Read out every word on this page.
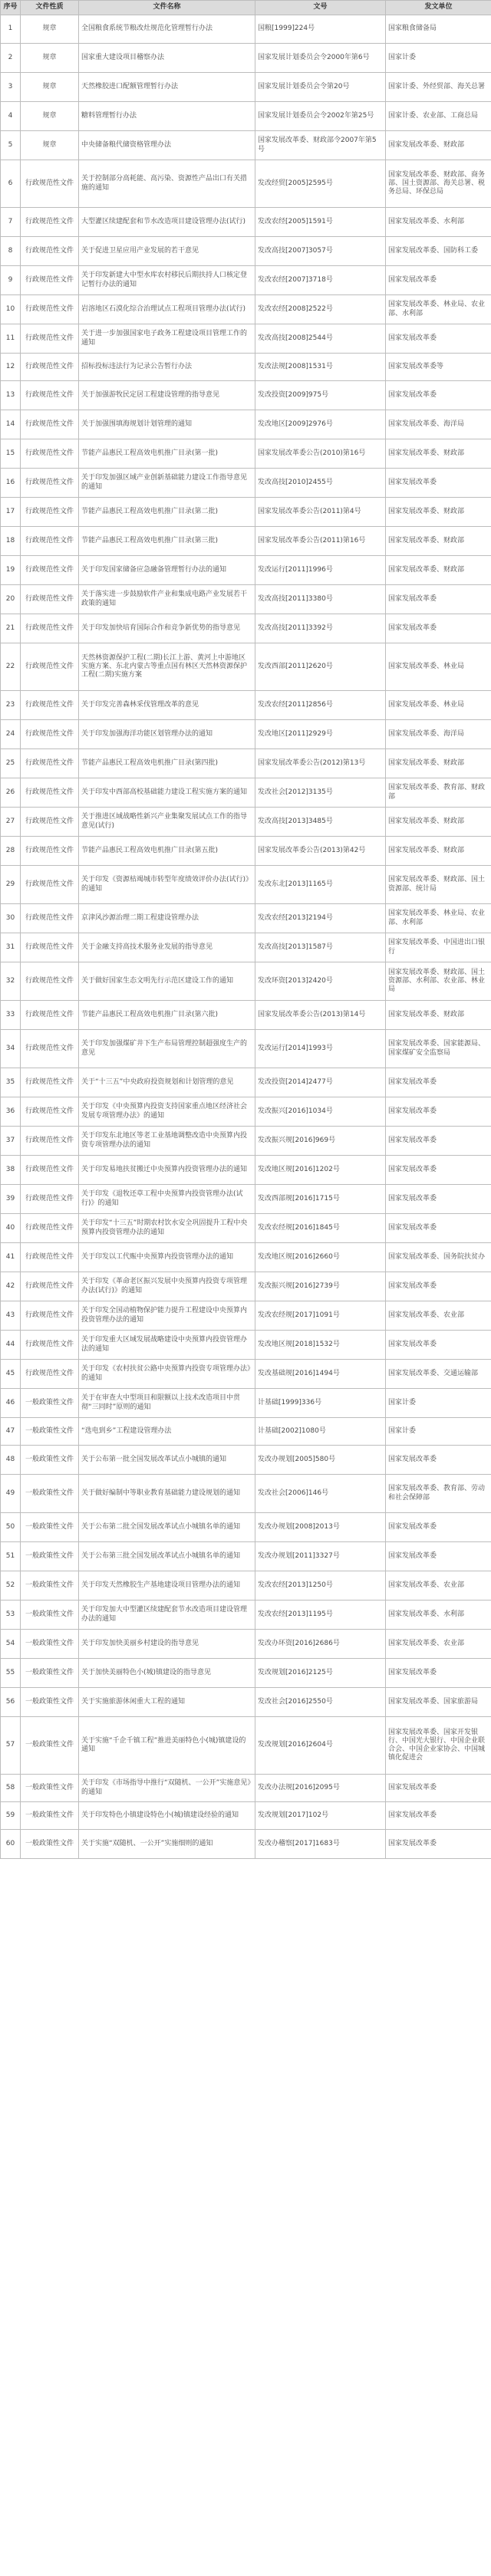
序号	文件性质	文件名称	文号	发文单位
1	规章	全国粮食系统节粮改灶规范化管理暂行办法	国粮[1999]224号	国家粮食储备局
2	规章	国家重大建设项目稽察办法	国家发展计划委员会令2000年第6号	国家计委
3	规章	天然橡胶进口配额管理暂行办法	国家发展计划委员会令第20号	国家计委、外经贸部、海关总署
4	规章	糖料管理暂行办法	国家发展计划委员会令2002年第25号	国家计委、农业部、工商总局
5	规章	中央储备粮代储资格管理办法	国家发展改革委、财政部令2007年第5号	国家发展改革委、财政部
6	行政规范性文件	关于控制部分高耗能、高污染、资源性产品出口有关措施的通知	发改经贸[2005]2595号	国家发展改革委、财政部、商务部、国土资源部、海关总署、税务总局、环保总局
7	行政规范性文件	大型灌区续建配套和节水改造项目建设管理办法(试行)	发改农经[2005]1591号	国家发展改革委、水利部
8	行政规范性文件	关于促进卫星应用产业发展的若干意见	发改高技[2007]3057号	国家发展改革委、国防科工委
9	行政规范性文件	关于印发新建大中型水库农村移民后期扶持人口核定登记暂行办法的通知	发改农经[2007]3718号	国家发展改革委
10	行政规范性文件	岩溶地区石漠化综合治理试点工程项目管理办法(试行)	发改农经[2008]2522号	国家发展改革委、林业局、农业部、水利部
11	行政规范性文件	关于进一步加强国家电子政务工程建设项目管理工作的通知	发改高技[2008]2544号	国家发展改革委
12	行政规范性文件	招标投标违法行为记录公告暂行办法	发改法规[2008]1531号	国家发展改革委等
13	行政规范性文件	关于加强游牧民定居工程建设管理的指导意见	发改投资[2009]975号	国家发展改革委
14	行政规范性文件	关于加强围填海规划计划管理的通知	发改地区[2009]2976号	国家发展改革委、海洋局
15	行政规范性文件	节能产品惠民工程高效电机推广目录(第一批)	国家发展改革委公告(2010)第16号	国家发展改革委、财政部
16	行政规范性文件	关于印发加强区域产业创新基础能力建设工作指导意见的通知	发改高技[2010]2455号	国家发展改革委
17	行政规范性文件	节能产品惠民工程高效电机推广目录(第二批)	国家发展改革委公告(2011)第4号	国家发展改革委、财政部
18	行政规范性文件	节能产品惠民工程高效电机推广目录(第三批)	国家发展改革委公告(2011)第16号	国家发展改革委、财政部
19	行政规范性文件	关于印发国家储备应急融备管理暂行办法的通知	发改运行[2011]1996号	国家发展改革委、财政部
20	行政规范性文件	关于落实进一步鼓励软件产业和集成电路产业发展若干政策的通知	发改高技[2011]3380号	国家发展改革委
21	行政规范性文件	关于印发加快培育国际合作和竞争新优势的指导意见	发改高技[2011]3392号	国家发展改革委
22	行政规范性文件	天然林资源保护工程(二期)长江上游、黄河上中游地区实施方案、东北内蒙古等重点国有林区天然林资源保护工程(二期)实施方案	发改西部[2011]2620号	国家发展改革委、林业局
23	行政规范性文件	关于印发完善森林采伐管理改革的意见	发改农经[2011]2856号	国家发展改革委、林业局
24	行政规范性文件	关于印发加强海洋功能区划管理办法的通知	发改地区[2011]2929号	国家发展改革委、海洋局
25	行政规范性文件	节能产品惠民工程高效电机推广目录(第四批)	国家发展改革委公告(2012)第13号	国家发展改革委、财政部
26	行政规范性文件	关于印发中西部高校基础能力建设工程实施方案的通知	发改社会[2012]3135号	国家发展改革委、教育部、财政部
27	行政规范性文件	关于推进区域战略性新兴产业集聚发展试点工作的指导意见(试行)	发改高技[2013]3485号	国家发展改革委、财政部
28	行政规范性文件	节能产品惠民工程高效电机推广目录(第五批)	国家发展改革委公告(2013)第42号	国家发展改革委、财政部
29	行政规范性文件	关于印发《资源枯竭城市转型年度绩效评价办法(试行)》的通知	发改东北[2013]1165号	国家发展改革委、财政部、国土资源部、统计局
30	行政规范性文件	京津风沙源治理二期工程建设管理办法	发改农经[2013]2194号	国家发展改革委、林业局、农业部、水利部
31	行政规范性文件	关于金融支持高技术服务业发展的指导意见	发改高技[2013]1587号	国家发展改革委、中国进出口银行
32	行政规范性文件	关于做好国家生态文明先行示范区建设工作的通知	发改环资[2013]2420号	国家发展改革委、财政部、国土资源部、水利部、农业部、林业局
33	行政规范性文件	节能产品惠民工程高效电机推广目录(第六批)	国家发展改革委公告(2013)第14号	国家发展改革委、财政部
34	行政规范性文件	关于印发加强煤矿井下生产布局管理控制超强度生产的意见	发改运行[2014]1993号	国家发展改革委、国家能源局、国家煤矿安全监察局
35	行政规范性文件	关于“十三五”中央政府投资规划和计划管理的意见	发改投资[2014]2477号	国家发展改革委
36	行政规范性文件	关于印发《中央预算内投资支持国家重点地区经济社会发展专项管理办法》的通知	发改振兴[2016]1034号	国家发展改革委
37	行政规范性文件	关于印发东北地区等老工业基地调整改造中央预算内投资专项管理办法的通知	发改振兴规[2016]969号	国家发展改革委
38	行政规范性文件	关于印发易地扶贫搬迁中央预算内投资管理办法的通知	发改地区规[2016]1202号	国家发展改革委
39	行政规范性文件	关于印发《退牧还草工程中央预算内投资管理办法(试行)》的通知	发改西部规[2016]1715号	国家发展改革委
40	行政规范性文件	关于印发“十三五”时期农村饮水安全巩固提升工程中央预算内投资管理办法的通知	发改农经规[2016]1845号	国家发展改革委
41	行政规范性文件	关于印发以工代赈中央预算内投资管理办法的通知	发改地区规[2016]2660号	国家发展改革委、国务院扶贫办
42	行政规范性文件	关于印发《革命老区振兴发展中央预算内投资专项管理办法(试行)》的通知	发改振兴规[2016]2739号	国家发展改革委
43	行政规范性文件	关于印发全国动植物保护能力提升工程建设中央预算内投资管理办法的通知	发改农经规[2017]1091号	国家发展改革委、农业部
44	行政规范性文件	关于印发重大区域发展战略建设中央预算内投资管理办法的通知	发改地区规[2018]1532号	国家发展改革委
45	行政规范性文件	关于印发《农村扶贫公路中央预算内投资专项管理办法》的通知	发改基础规[2016]1494号	国家发展改革委、交通运输部
46	一般政策性文件	关于在审查大中型项目和限额以上技术改造项目中贯彻“三同时”原则的通知	计基础[1999]336号	国家计委
47	一般政策性文件	“选电到乡”工程建设管理办法	计基础[2002]1080号	国家计委
48	一般政策性文件	关于公布第一批全国发展改革试点小城镇的通知	发改办规划[2005]580号	国家发展改革委
49	一般政策性文件	关于做好编制中等职业教育基础能力建设规划的通知	发改社会[2006]146号	国家发展改革委、教育部、劳动和社会保障部
50	一般政策性文件	关于公布第二批全国发展改革试点小城镇名单的通知	发改办规划[2008]2013号	国家发展改革委
51	一般政策性文件	关于公布第三批全国发展改革试点小城镇名单的通知	发改办规划[2011]3327号	国家发展改革委
52	一般政策性文件	关于印发天然橡胶生产基地建设项目管理办法的通知	发改农经[2013]1250号	国家发展改革委、农业部
53	一般政策性文件	关于印发加大中型灌区续建配套节水改造项目建设管理办法的通知	发改农经[2013]1195号	国家发展改革委、水利部
54	一般政策性文件	关于印发加快美丽乡村建设的指导意见	发改办环资[2016]2686号	国家发展改革委、农业部
55	一般政策性文件	关于加快美丽特色小(城)镇建设的指导意见	发改规划[2016]2125号	国家发展改革委
56	一般政策性文件	关于实施旅游休闲重大工程的通知	发改社会[2016]2550号	国家发展改革委、国家旅游局
57	一般政策性文件	关于实施“千企千镇工程”推进美丽特色小(城)镇建设的通知	发改规划[2016]2604号	国家发展改革委、国家开发银行、中国光大银行、中国企业联合会、中国企业家协会、中国城镇化促进会
58	一般政策性文件	关于印发《市场指导中推行“双随机、一公开”实施意见》的通知	发改办法规[2016]2095号	国家发展改革委
59	一般政策性文件	关于印发特色小镇建设特色小(城)镇建设经验的通知	发改规划[2017]102号	国家发展改革委
60	一般政策性文件	关于实施“双随机、一公开”实施细则的通知	发改办稽察[2017]1683号	国家发展改革委
